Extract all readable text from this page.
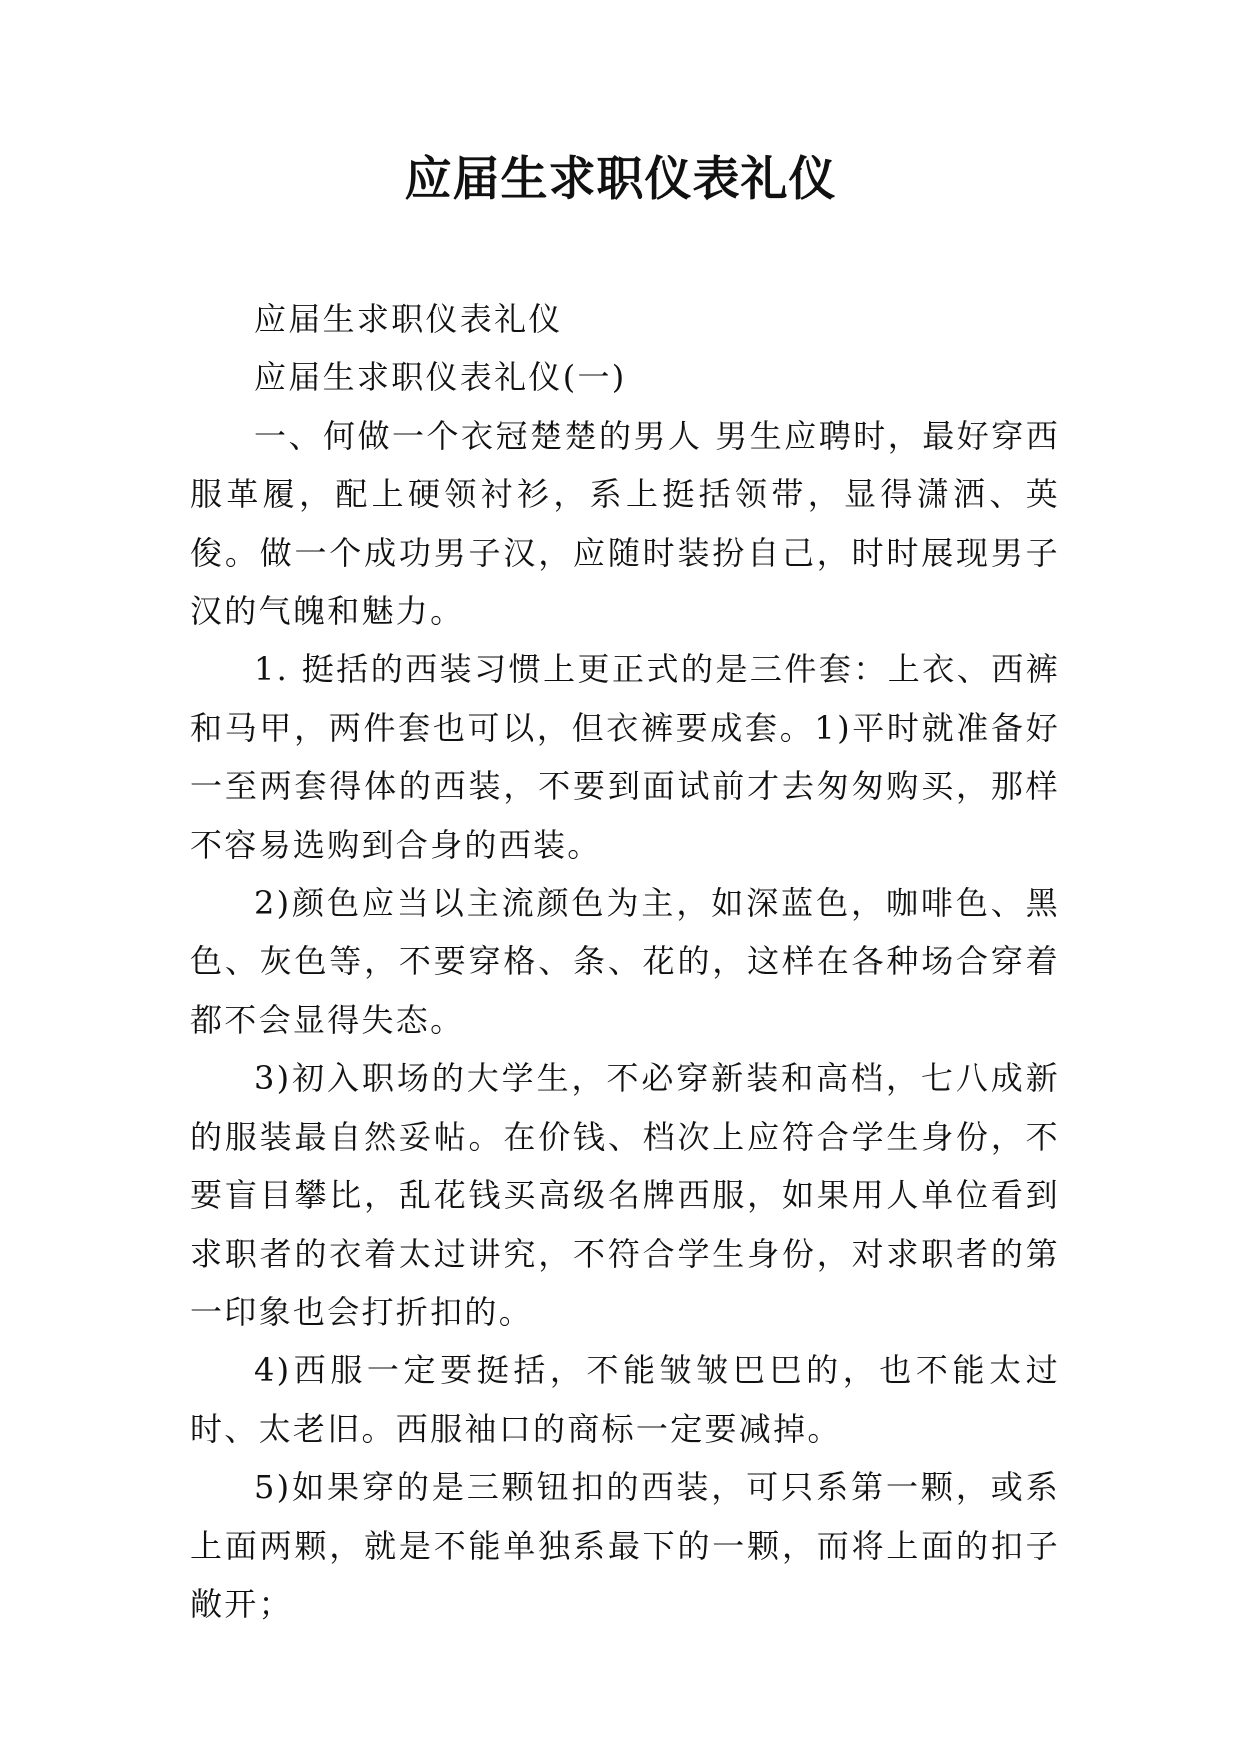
应届生求职仪表礼仪

应届生求职仪表礼仪

应届生求职仪表礼仪(一)

一、何做一个衣冠楚楚的男人 男生应聘时，最好穿西服革履，配上硬领衬衫，系上挺括领带，显得潇洒、英俊。做一个成功男子汉，应随时装扮自己，时时展现男子汉的气魄和魅力。

1. 挺括的西装习惯上更正式的是三件套：上衣、西裤和马甲，两件套也可以，但衣裤要成套。1)平时就准备好一至两套得体的西装，不要到面试前才去匆匆购买，那样不容易选购到合身的西装。

2)颜色应当以主流颜色为主，如深蓝色，咖啡色、黑色、灰色等，不要穿格、条、花的，这样在各种场合穿着都不会显得失态。

3)初入职场的大学生，不必穿新装和高档，七八成新的服装最自然妥帖。在价钱、档次上应符合学生身份，不要盲目攀比，乱花钱买高级名牌西服，如果用人单位看到求职者的衣着太过讲究，不符合学生身份，对求职者的第一印象也会打折扣的。

4)西服一定要挺括，不能皱皱巴巴的，也不能太过时、太老旧。西服袖口的商标一定要减掉。

5)如果穿的是三颗钮扣的西装，可只系第一颗，或系上面两颗，就是不能单独系最下的一颗，而将上面的扣子敞开；
